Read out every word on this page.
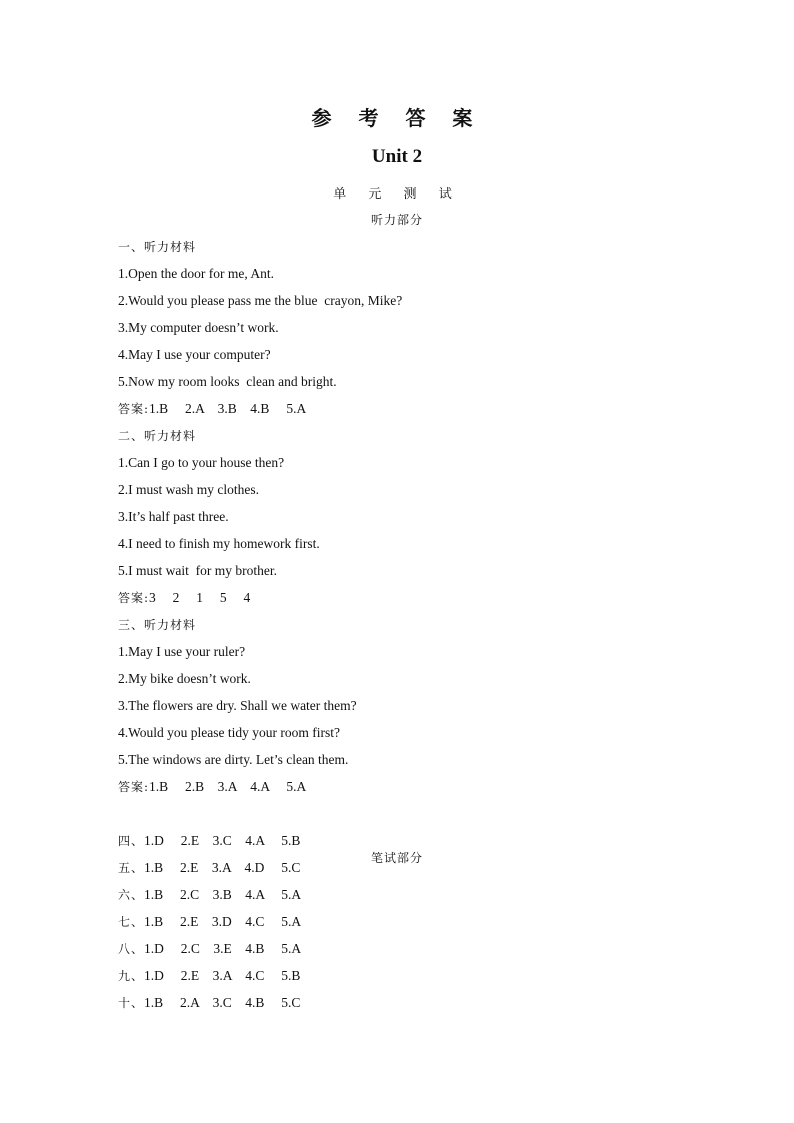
参 考 答 案
Unit 2
单 元 测 试
听力部分
一、听力材料
1.Open the door for me, Ant.
2.Would you please pass me the blue  crayon, Mike?
3.My computer doesn’t work.
4.May I use your computer?
5.Now my room looks  clean and bright.
答案:1.B     2.A    3.B    4.B     5.A
二、听力材料
1.Can I go to your house then?
2.I must wash my clothes.
3.It’s half past three.
4.I need to finish my homework first.
5.I must wait  for my brother.
答案:3     2     1     5     4
三、听力材料
1.May I use your ruler?
2.My bike doesn’t work.
3.The flowers are dry. Shall we water them?
4.Would you please tidy your room first?
5.The windows are dirty. Let’s clean them.
答案:1.B     2.B    3.A    4.A     5.A

笔试部分

四、1.D     2.E    3.C    4.A     5.B
五、1.B     2.E    3.A    4.D     5.C
六、1.B     2.C    3.B    4.A     5.A
七、1.B     2.E    3.D    4.C     5.A
八、1.D     2.C    3.E    4.B     5.A
九、1.D     2.E    3.A    4.C     5.B
十、1.B     2.A    3.C    4.B     5.C
